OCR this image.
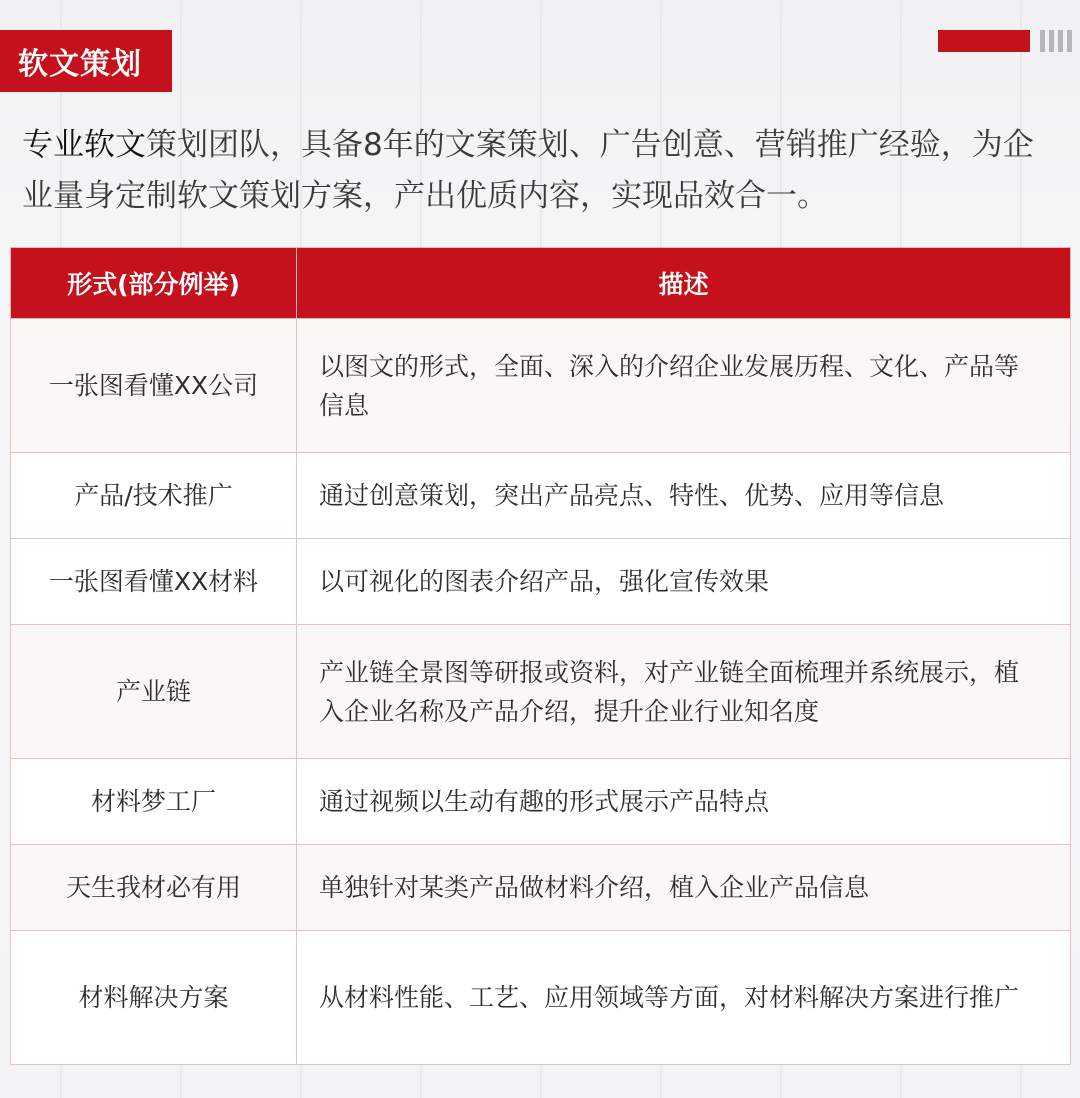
软文策划

专业软文策划团队，具备8年的文案策划、广告创意、营销推广经验，为企业量身定制软文策划方案，产出优质内容，实现品效合一。

形式(部分例举)	描述
一张图看懂XX公司	以图文的形式，全面、深入的介绍企业发展历程、文化、产品等信息
产品/技术推广	通过创意策划，突出产品亮点、特性、优势、应用等信息
一张图看懂XX材料	以可视化的图表介绍产品，强化宣传效果
产业链	产业链全景图等研报或资料，对产业链全面梳理并系统展示，植入企业名称及产品介绍，提升企业行业知名度
材料梦工厂	通过视频以生动有趣的形式展示产品特点
天生我材必有用	单独针对某类产品做材料介绍，植入企业产品信息
材料解决方案	从材料性能、工艺、应用领域等方面，对材料解决方案进行推广
